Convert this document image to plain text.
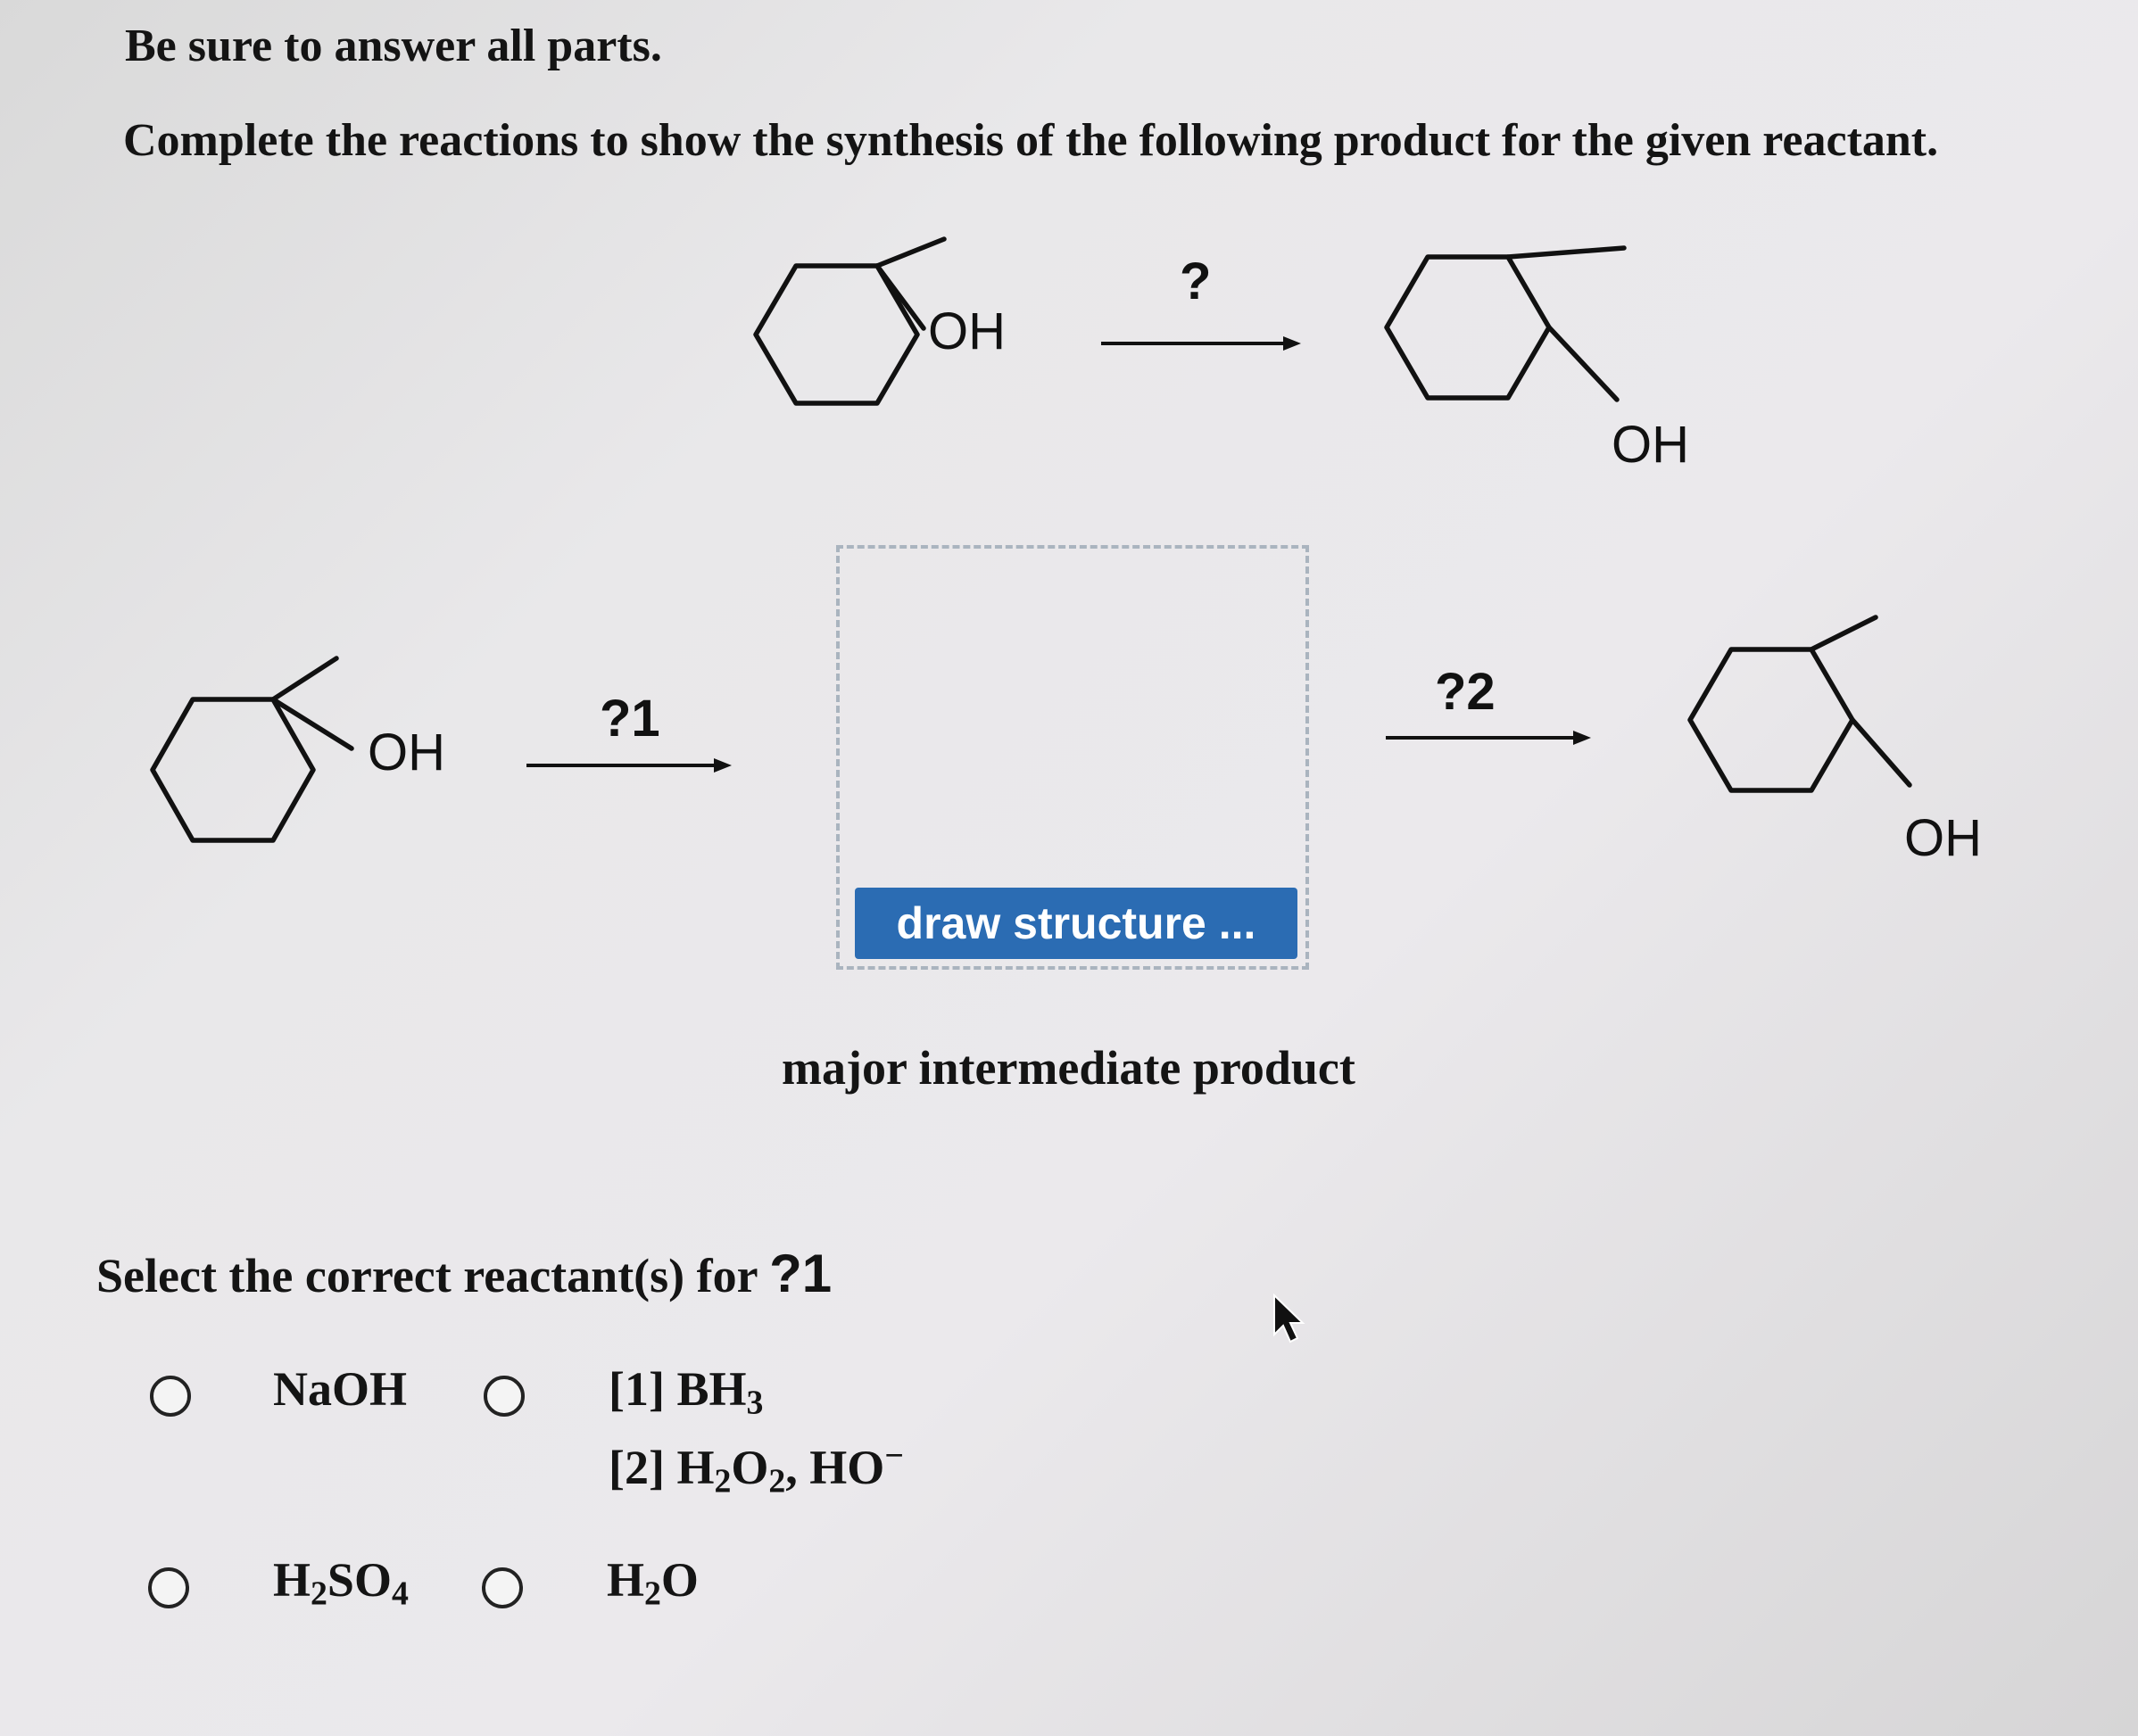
Be sure to answer all parts.
Complete the reactions to show the synthesis of the following product for the given reactant.
OH
?
OH
OH
?1
draw structure ...
major intermediate product
?2
OH
Select the correct reactant(s) for ?1
NaOH	[1] $BH_3$
[2] $H_2O_2$, HO−
$H_2SO_4$	$H_2O$
